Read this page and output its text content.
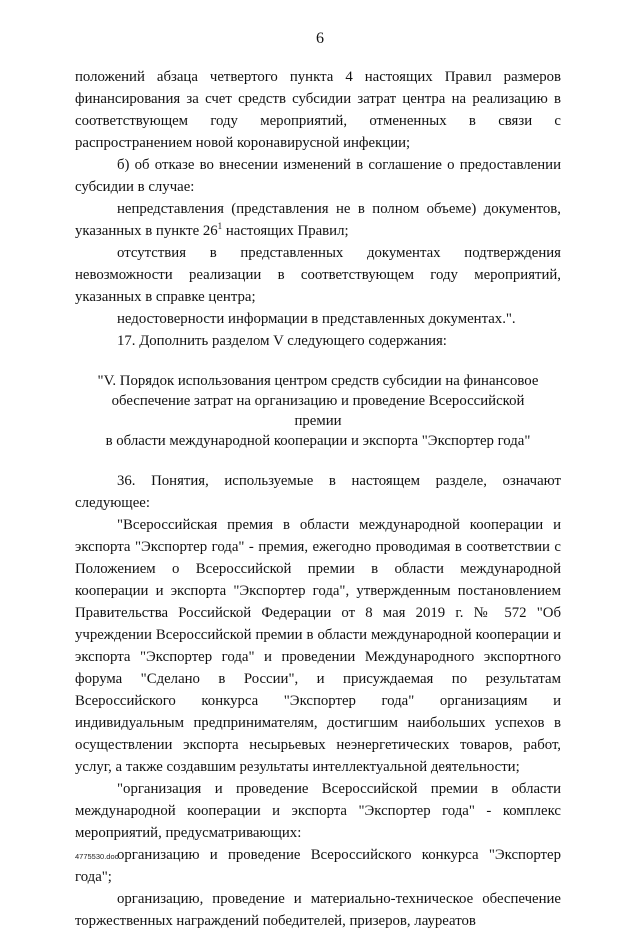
6

положений абзаца четвертого пункта 4 настоящих Правил размеров финансирования за счет средств субсидии затрат центра на реализацию в соответствующем году мероприятий, отмененных в связи с распространением новой коронавирусной инфекции;

б) об отказе во внесении изменений в соглашение о предоставлении субсидии в случае:

непредставления (представления не в полном объеме) документов, указанных в пункте $26^1$ настоящих Правил;

отсутствия в представленных документах подтверждения невозможности реализации в соответствующем году мероприятий, указанных в справке центра;

недостоверности информации в представленных документах.".

17. Дополнить разделом V следующего содержания:

"V. Порядок использования центром средств субсидии на финансовое
обеспечение затрат на организацию и проведение Всероссийской премии
в области международной кооперации и экспорта "Экспортер года"

36. Понятия, используемые в настоящем разделе, означают следующее:

"Всероссийская премия в области международной кооперации и экспорта "Экспортер года" - премия, ежегодно проводимая в соответствии с Положением о Всероссийской премии в области международной кооперации и экспорта "Экспортер года", утвержденным постановлением Правительства Российской Федерации от 8 мая 2019 г. № 572 "Об учреждении Всероссийской премии в области международной кооперации и экспорта "Экспортер года" и проведении Международного экспортного форума "Сделано в России", и присуждаемая по результатам Всероссийского конкурса "Экспортер года" организациям и индивидуальным предпринимателям, достигшим наибольших успехов в осуществлении экспорта несырьевых неэнергетических товаров, работ, услуг, а также создавшим результаты интеллектуальной деятельности;

"организация и проведение Всероссийской премии в области международной кооперации и экспорта "Экспортер года" - комплекс мероприятий, предусматривающих:

организацию и проведение Всероссийского конкурса "Экспортер года";

организацию, проведение и материально-техническое обеспечение торжественных награждений победителей, призеров, лауреатов

4775530.doc
